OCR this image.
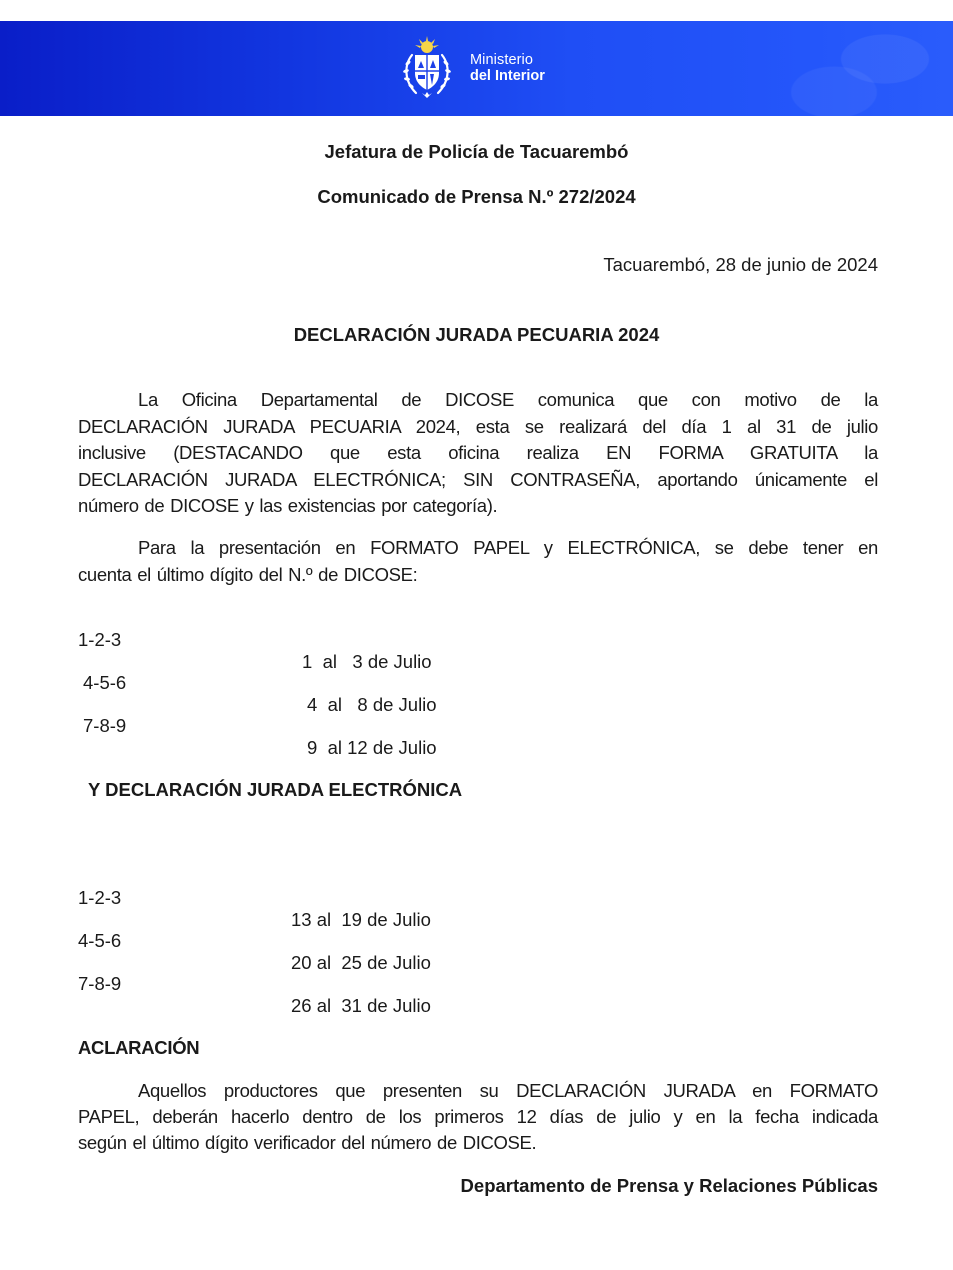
Ministerio
del Interior
Jefatura de Policía de Tacuarembó
Comunicado de Prensa N.º 272/2024
Tacuarembó, 28 de junio de 2024
DECLARACIÓN JURADA PECUARIA 2024
La Oficina Departamental de DICOSE comunica que con motivo de la
DECLARACIÓN JURADA PECUARIA 2024, esta se realizará del día 1 al 31 de julio
inclusive (DESTACANDO que esta oficina realiza EN FORMA GRATUITA la
DECLARACIÓN JURADA ELECTRÓNICA; SIN CONTRASEÑA, aportando únicamente el
número de DICOSE y las existencias por categoría).
Para la presentación en FORMATO PAPEL y ELECTRÓNICA, se debe tener en
cuenta el último dígito del N.º de DICOSE:

1-2-3

1  al   3 de Julio

4-5-6

4  al   8 de Julio

7-8-9

9  al 12 de Julio

Y DECLARACIÓN JURADA ELECTRÓNICA

1-2-3

13 al  19 de Julio

4-5-6

20 al  25 de Julio

7-8-9

26 al  31 de Julio

ACLARACIÓN
Aquellos productores que presenten su DECLARACIÓN JURADA en FORMATO
PAPEL, deberán hacerlo dentro de los primeros 12 días de julio y en la fecha indicada
según el último dígito verificador del número de DICOSE.
Departamento de Prensa y Relaciones Públicas
